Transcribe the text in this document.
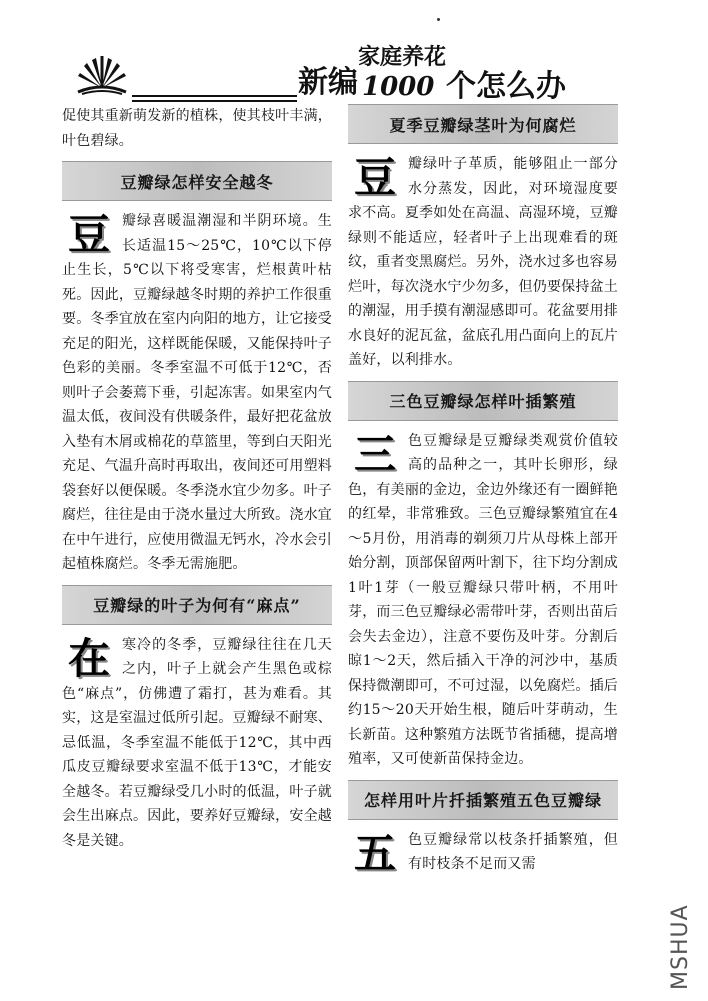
新编
家庭养花
1000 个怎么办

促使其重新萌发新的植株，使其枝叶丰满，叶色碧绿。

豆瓣绿怎样安全越冬
豆 瓣绿喜暖温潮湿和半阴环境。生长适温15～25℃，10℃以下停止生长，5℃以下将受寒害，烂根黄叶枯死。因此，豆瓣绿越冬时期的养护工作很重要。冬季宜放在室内向阳的地方，让它接受充足的阳光，这样既能保暖，又能保持叶子色彩的美丽。冬季室温不可低于12℃，否则叶子会萎蔫下垂，引起冻害。如果室内气温太低，夜间没有供暖条件，最好把花盆放入垫有木屑或棉花的草篮里，等到白天阳光充足、气温升高时再取出，夜间还可用塑料袋套好以便保暖。冬季浇水宜少勿多。叶子腐烂，往往是由于浇水量过大所致。浇水宜在中午进行，应使用微温无钙水，冷水会引起植株腐烂。冬季无需施肥。

豆瓣绿的叶子为何有“麻点”
在 寒冷的冬季，豆瓣绿往往在几天之内，叶子上就会产生黑色或棕色“麻点”，仿佛遭了霜打，甚为难看。其实，这是室温过低所引起。豆瓣绿不耐寒、忌低温，冬季室温不能低于12℃，其中西瓜皮豆瓣绿要求室温不低于13℃，才能安全越冬。若豆瓣绿受几小时的低温，叶子就会生出麻点。因此，要养好豆瓣绿，安全越冬是关键。

夏季豆瓣绿茎叶为何腐烂
豆 瓣绿叶子革质，能够阻止一部分水分蒸发，因此，对环境湿度要求不高。夏季如处在高温、高湿环境，豆瓣绿则不能适应，轻者叶子上出现难看的斑纹，重者变黑腐烂。另外，浇水过多也容易烂叶，每次浇水宁少勿多，但仍要保持盆土的潮湿，用手摸有潮湿感即可。花盆要用排水良好的泥瓦盆，盆底孔用凸面向上的瓦片盖好，以利排水。

三色豆瓣绿怎样叶插繁殖
三 色豆瓣绿是豆瓣绿类观赏价值较高的品种之一，其叶长卵形，绿色，有美丽的金边，金边外缘还有一圈鲜艳的红晕，非常雅致。三色豆瓣绿繁殖宜在4～5月份，用消毒的剃须刀片从母株上部开始分割，顶部保留两叶割下，往下均分割成1叶1芽（一般豆瓣绿只带叶柄，不用叶芽，而三色豆瓣绿必需带叶芽，否则出苗后会失去金边），注意不要伤及叶芽。分割后晾1～2天，然后插入干净的河沙中，基质保持微潮即可，不可过湿，以免腐烂。插后约15～20天开始生根，随后叶芽萌动，生长新苗。这种繁殖方法既节省插穗，提高增殖率，又可使新苗保持金边。

怎样用叶片扦插繁殖五色豆瓣绿
五 色豆瓣绿常以枝条扦插繁殖，但有时枝条不足而又需

MSHUA
